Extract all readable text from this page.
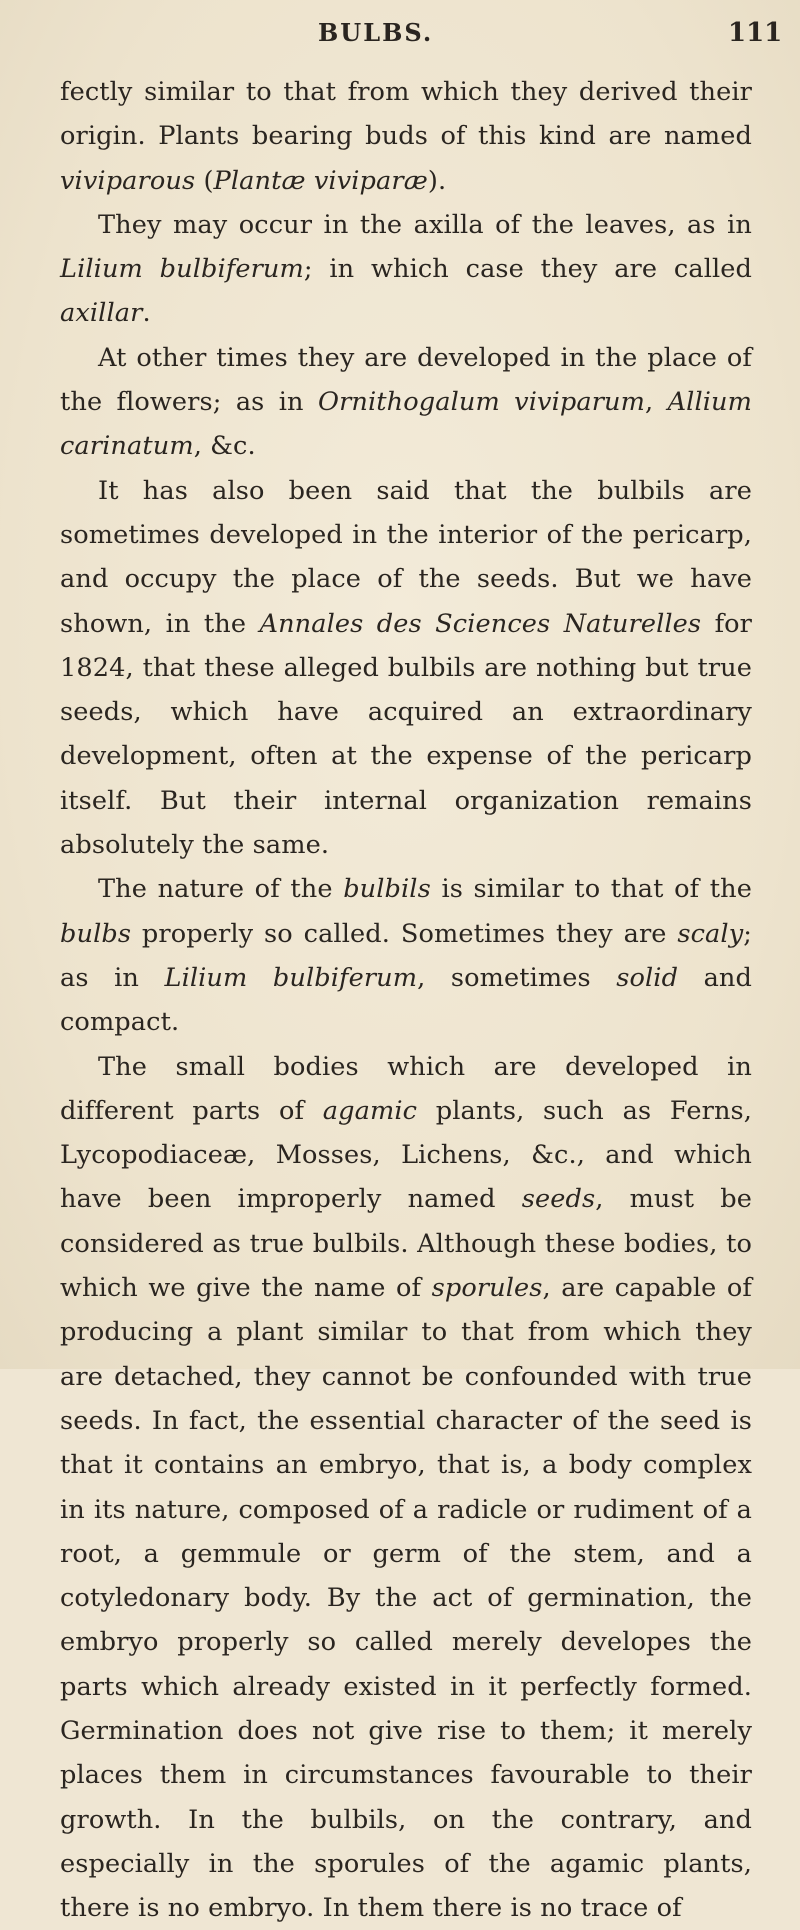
BULBS.	111

fectly similar to that from which they derived their origin. Plants bearing buds of this kind are named viviparous (Plantæ viviparæ).

They may occur in the axilla of the leaves, as in Lilium bulbiferum; in which case they are called axillar.

At other times they are developed in the place of the flowers; as in Ornithogalum viviparum, Allium carinatum, &c.

It has also been said that the bulbils are sometimes developed in the interior of the pericarp, and occupy the place of the seeds. But we have shown, in the Annales des Sciences Naturelles for 1824, that these alleged bulbils are nothing but true seeds, which have acquired an extraordinary development, often at the expense of the pericarp itself. But their internal organization remains absolutely the same.

The nature of the bulbils is similar to that of the bulbs properly so called. Sometimes they are scaly; as in Lilium bulbiferum, sometimes solid and compact.

The small bodies which are developed in different parts of agamic plants, such as Ferns, Lycopodiaceæ, Mosses, Lichens, &c., and which have been improperly named seeds, must be considered as true bulbils. Although these bodies, to which we give the name of sporules, are capable of producing a plant similar to that from which they are detached, they cannot be confounded with true seeds. In fact, the essential character of the seed is that it contains an embryo, that is, a body complex in its nature, composed of a radicle or rudiment of a root, a gemmule or germ of the stem, and a cotyledonary body. By the act of germination, the embryo properly so called merely developes the parts which already existed in it perfectly formed. Germination does not give rise to them; it merely places them in circumstances favourable to their growth. In the bulbils, on the contrary, and especially in the sporules of the agamic plants, there is no embryo. In them there is no trace of
